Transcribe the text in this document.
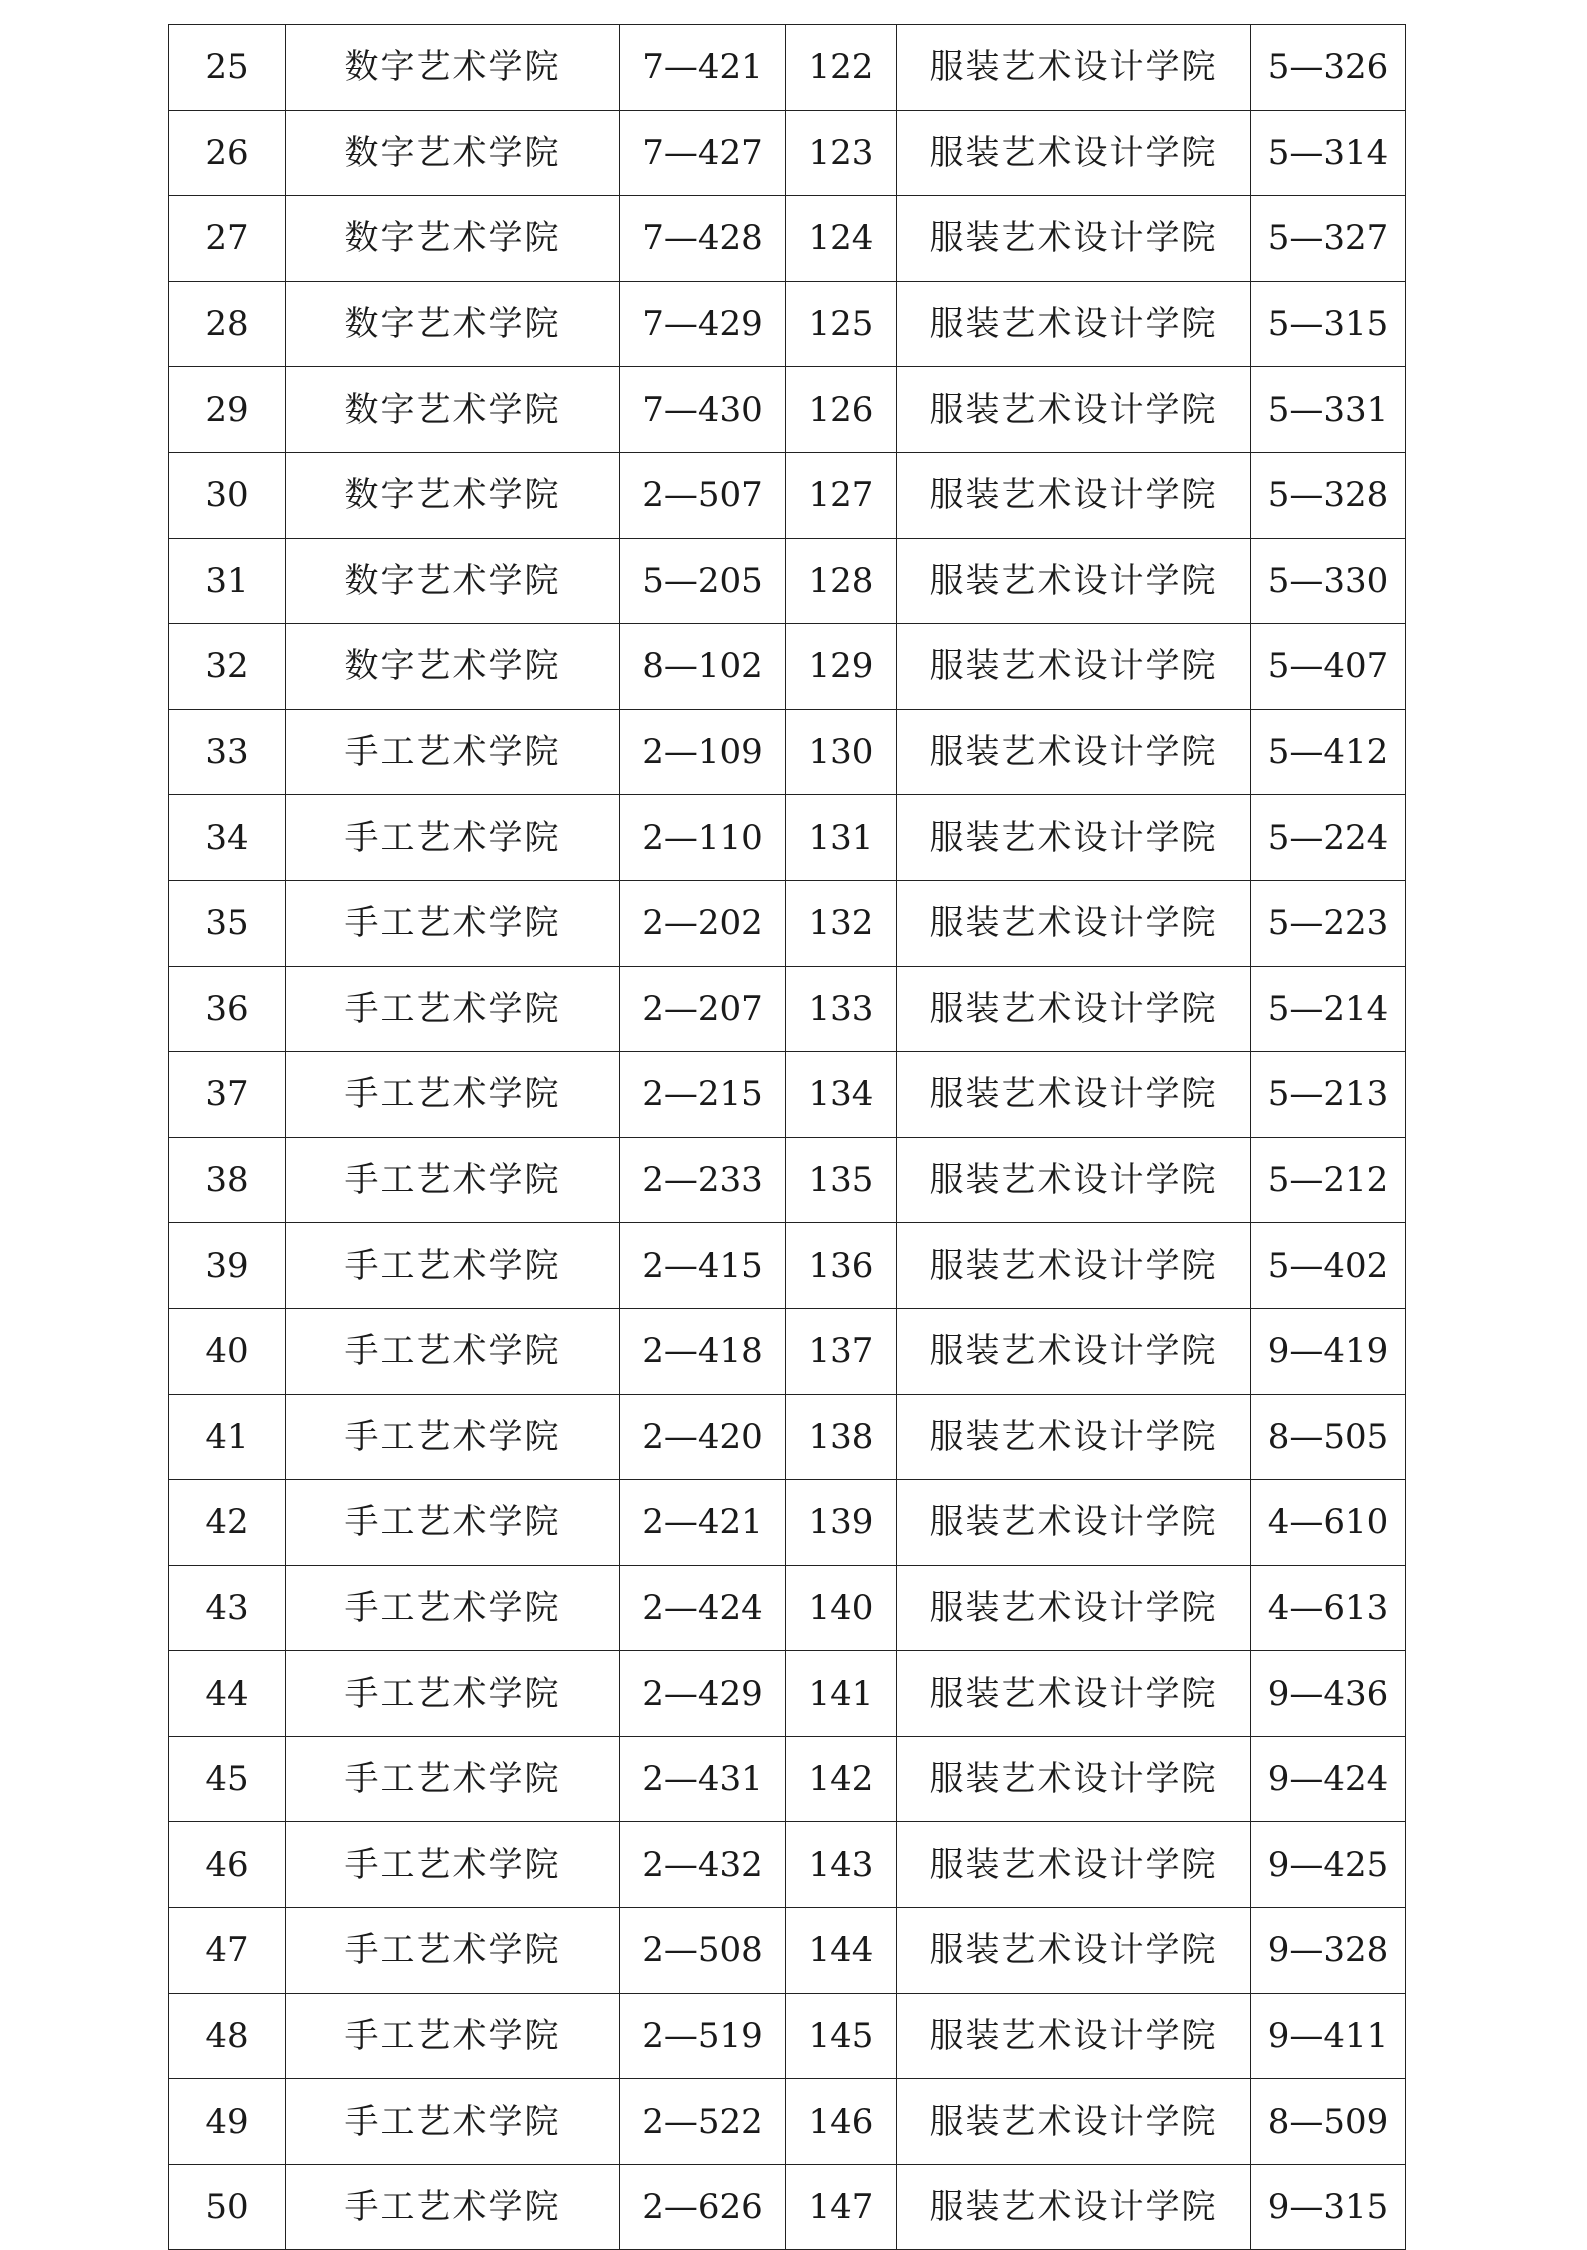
25	数字艺术学院	7—421	122	服装艺术设计学院	5—326
26	数字艺术学院	7—427	123	服装艺术设计学院	5—314
27	数字艺术学院	7—428	124	服装艺术设计学院	5—327
28	数字艺术学院	7—429	125	服装艺术设计学院	5—315
29	数字艺术学院	7—430	126	服装艺术设计学院	5—331
30	数字艺术学院	2—507	127	服装艺术设计学院	5—328
31	数字艺术学院	5—205	128	服装艺术设计学院	5—330
32	数字艺术学院	8—102	129	服装艺术设计学院	5—407
33	手工艺术学院	2—109	130	服装艺术设计学院	5—412
34	手工艺术学院	2—110	131	服装艺术设计学院	5—224
35	手工艺术学院	2—202	132	服装艺术设计学院	5—223
36	手工艺术学院	2—207	133	服装艺术设计学院	5—214
37	手工艺术学院	2—215	134	服装艺术设计学院	5—213
38	手工艺术学院	2—233	135	服装艺术设计学院	5—212
39	手工艺术学院	2—415	136	服装艺术设计学院	5—402
40	手工艺术学院	2—418	137	服装艺术设计学院	9—419
41	手工艺术学院	2—420	138	服装艺术设计学院	8—505
42	手工艺术学院	2—421	139	服装艺术设计学院	4—610
43	手工艺术学院	2—424	140	服装艺术设计学院	4—613
44	手工艺术学院	2—429	141	服装艺术设计学院	9—436
45	手工艺术学院	2—431	142	服装艺术设计学院	9—424
46	手工艺术学院	2—432	143	服装艺术设计学院	9—425
47	手工艺术学院	2—508	144	服装艺术设计学院	9—328
48	手工艺术学院	2—519	145	服装艺术设计学院	9—411
49	手工艺术学院	2—522	146	服装艺术设计学院	8—509
50	手工艺术学院	2—626	147	服装艺术设计学院	9—315
